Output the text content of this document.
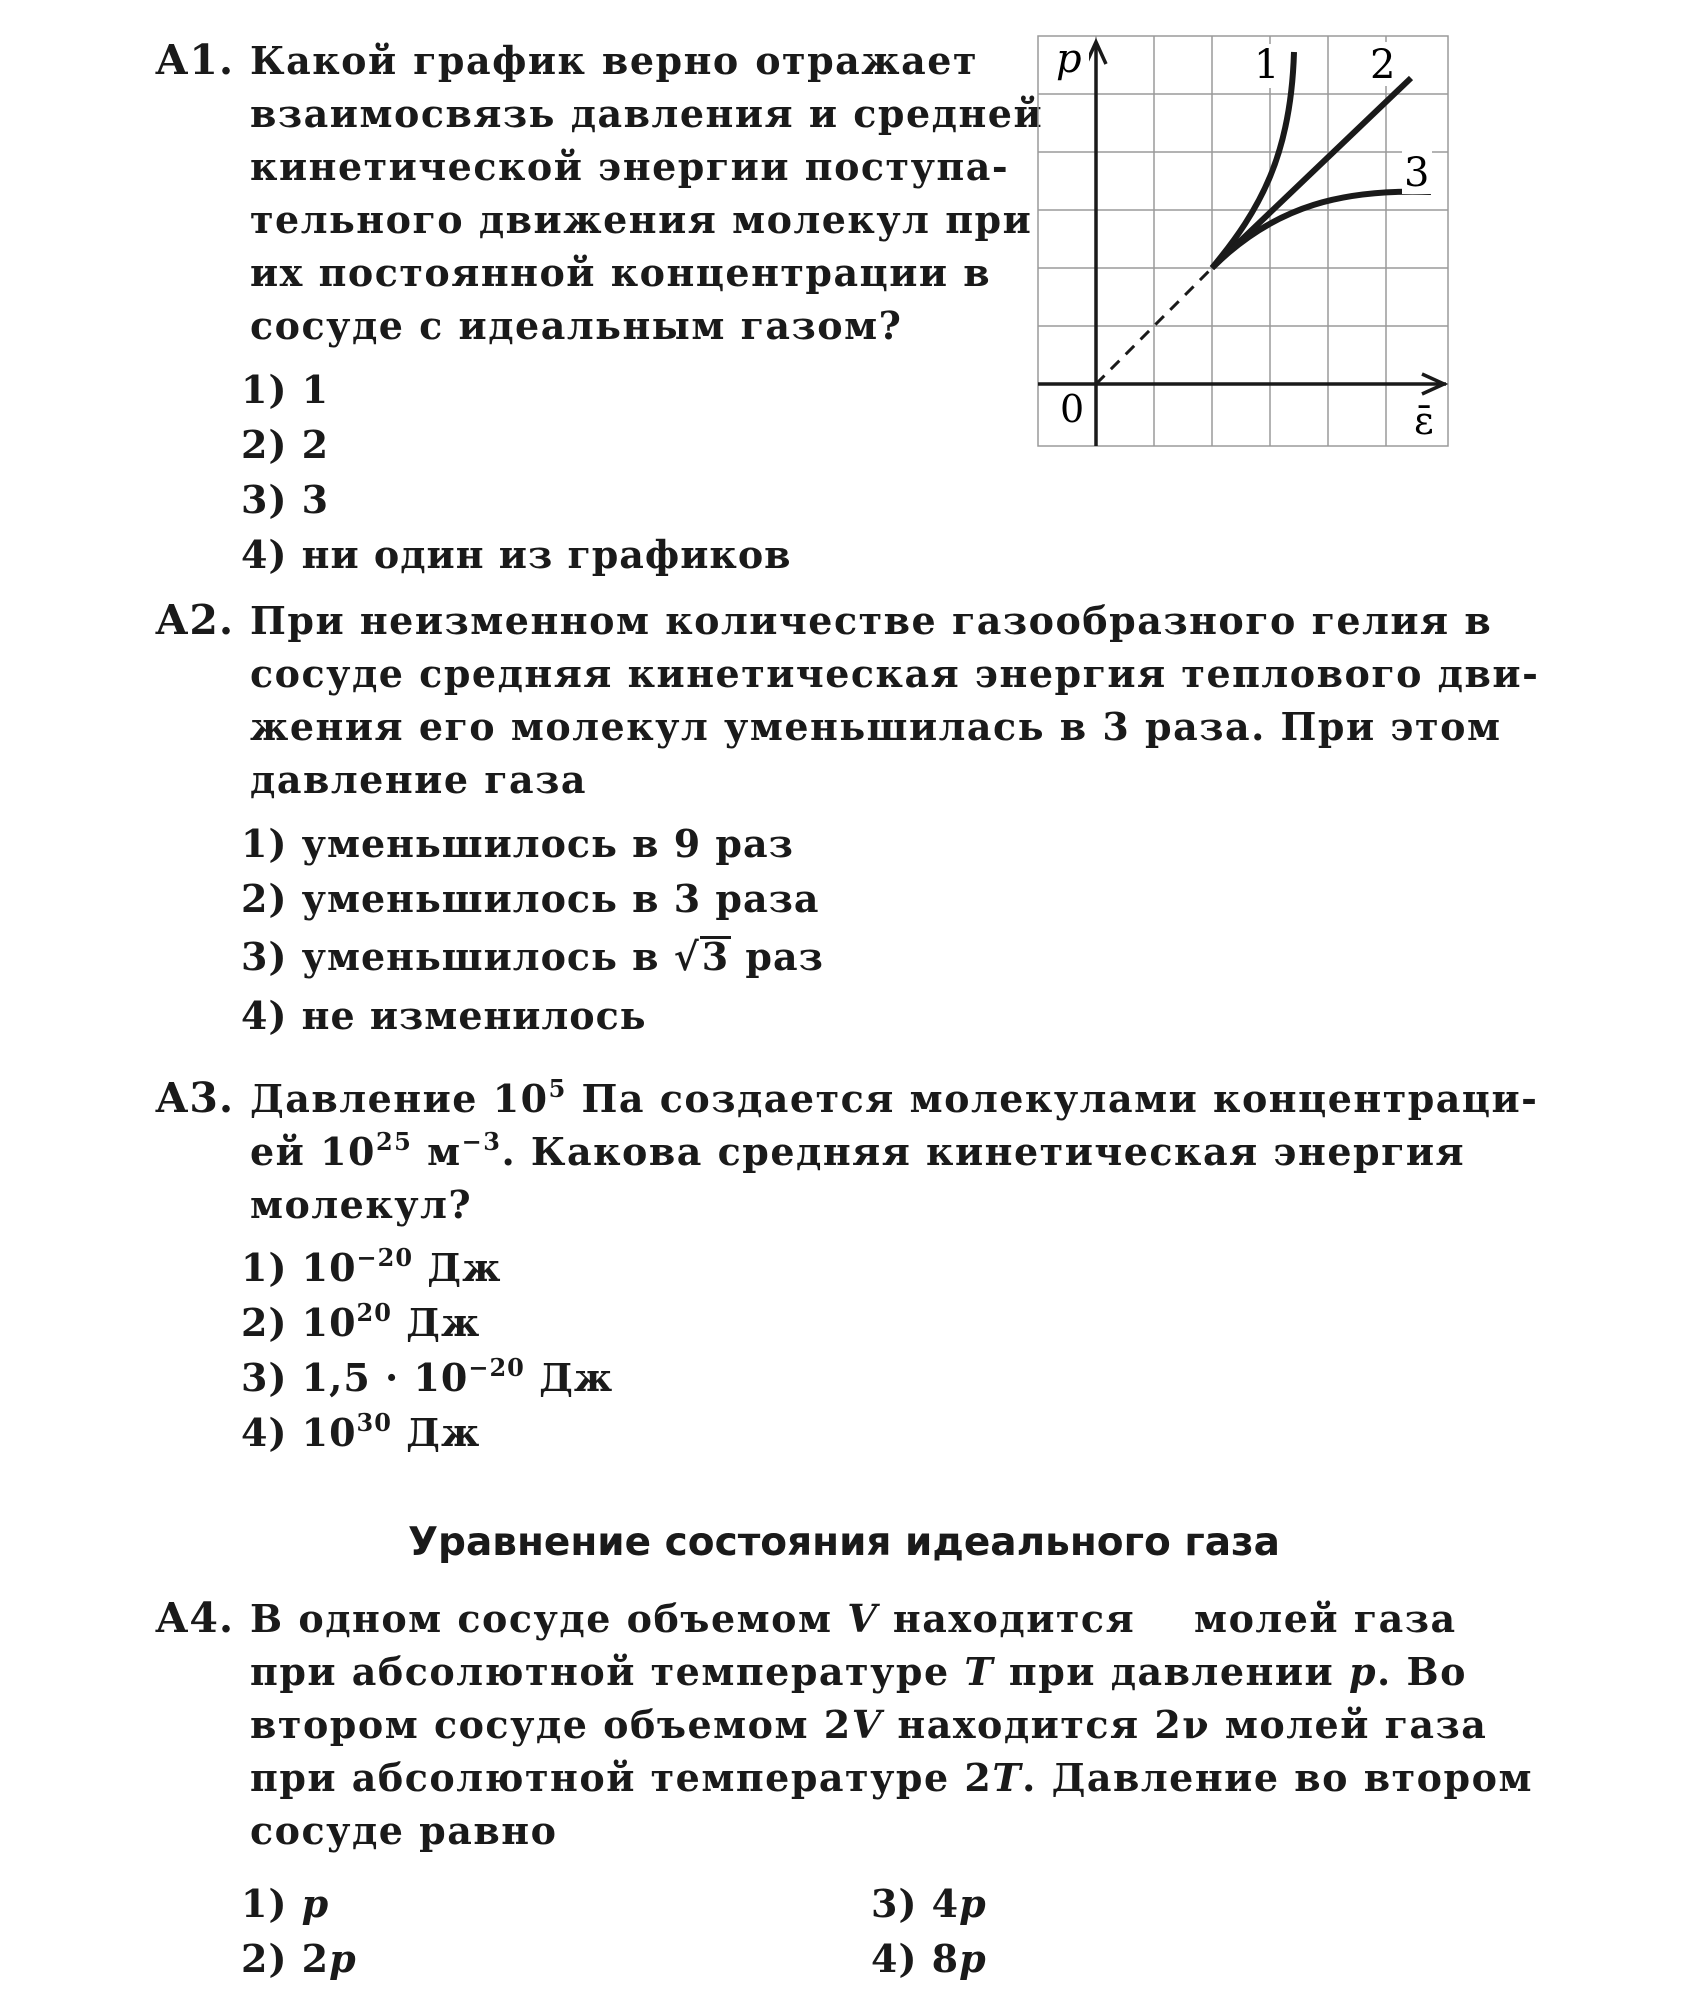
А1. Какой график верно отражает
взаимосвязь давления и средней
кинетической энергии поступа-
тельного движения молекул при
их постоянной концентрации в
сосуде с идеальным газом?
1) 1
2) 2
3) 3
4) ни один из графиков
p
0	ε̄
1 2
3
А2. При неизменном количестве газообразного гелия в
сосуде средняя кинетическая энергия теплового дви-
жения его молекул уменьшилась в 3 раза. При этом
давление газа
1) уменьшилось в 9 раз
2) уменьшилось в 3 раза
3) уменьшилось в √3 раз
4) не изменилось
А3. Давление $10^5$ Па создается молекулами концентраци-
ей $10^{25}$ $м^{-3}$. Какова средняя кинетическая энергия
молекул?
1) $10^{-20}$ Дж
2) $10^{20}$ Дж
3) $1,5 \cdot 10^{-20}$ Дж
4) $10^{30}$ Дж
Уравнение состояния идеального газа
А4. В одном сосуде объемом V находится    молей газа
при абсолютной температуре T при давлении p. Во
втором сосуде объемом 2V находится 2ν молей газа
при абсолютной температуре 2T. Давление во втором
сосуде равно
1) p
2) 2p
3) 4p
4) 8p
